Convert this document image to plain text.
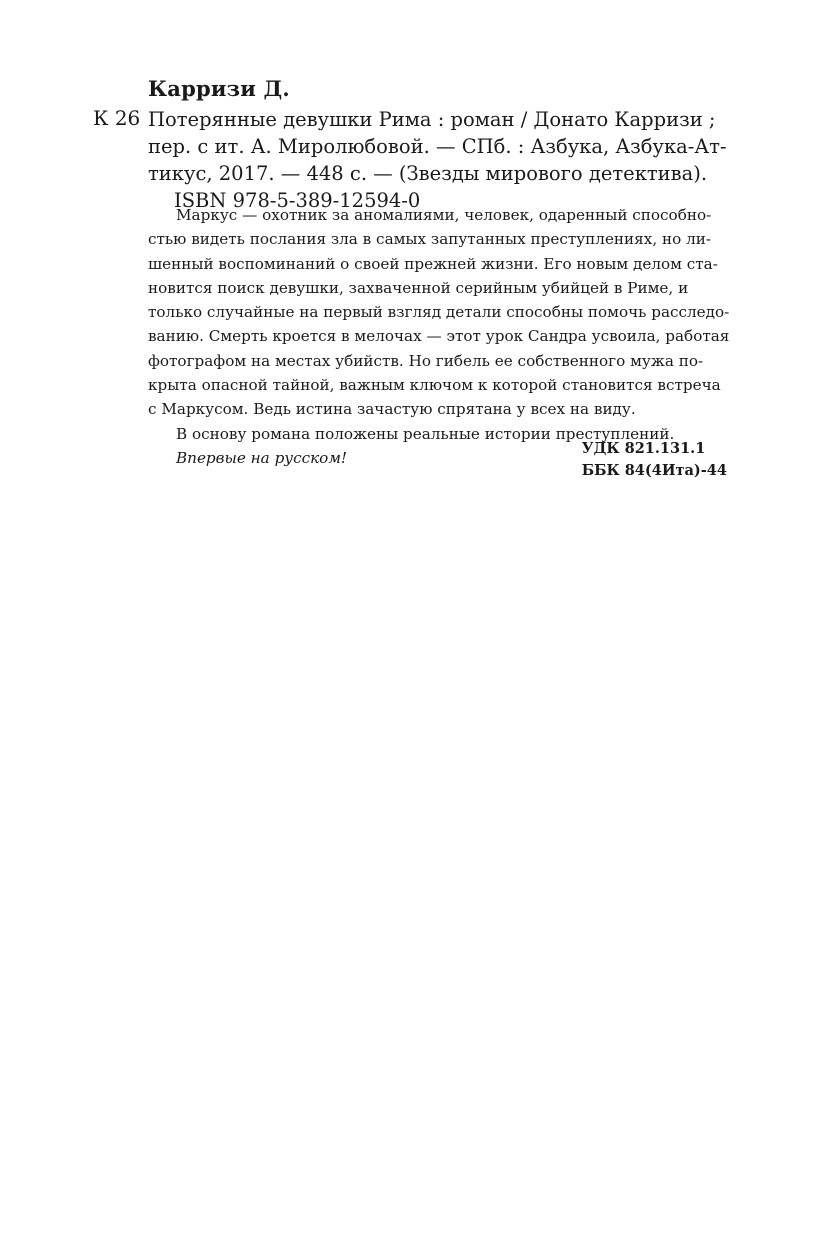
Карризи Д.
К 26 Потерянные девушки Рима : роман / Донато Карризи ;
пер. с ит. А. Миролюбовой. — СПб. : Азбука, Азбука-Ат-
тикус, 2017. — 448 с. — (Звезды мирового детектива).
ISBN 978-5-389-12594-0
Маркус — охотник за аномалиями, человек, одаренный способно-
стью видеть послания зла в самых запутанных преступлениях, но ли-
шенный воспоминаний о своей прежней жизни. Его новым делом ста-
новится поиск девушки, захваченной серийным убийцей в Риме, и
только случайные на первый взгляд детали способны помочь расследо-
ванию. Смерть кроется в мелочах — этот урок Сандра усвоила, работая
фотографом на местах убийств. Но гибель ее собственного мужа по-
крыта опасной тайной, важным ключом к которой становится встреча
с Маркусом. Ведь истина зачастую спрятана у всех на виду.
В основу романа положены реальные истории преступлений.
Впервые на русском!
УДК 821.131.1
ББК 84(4Ита)-44
